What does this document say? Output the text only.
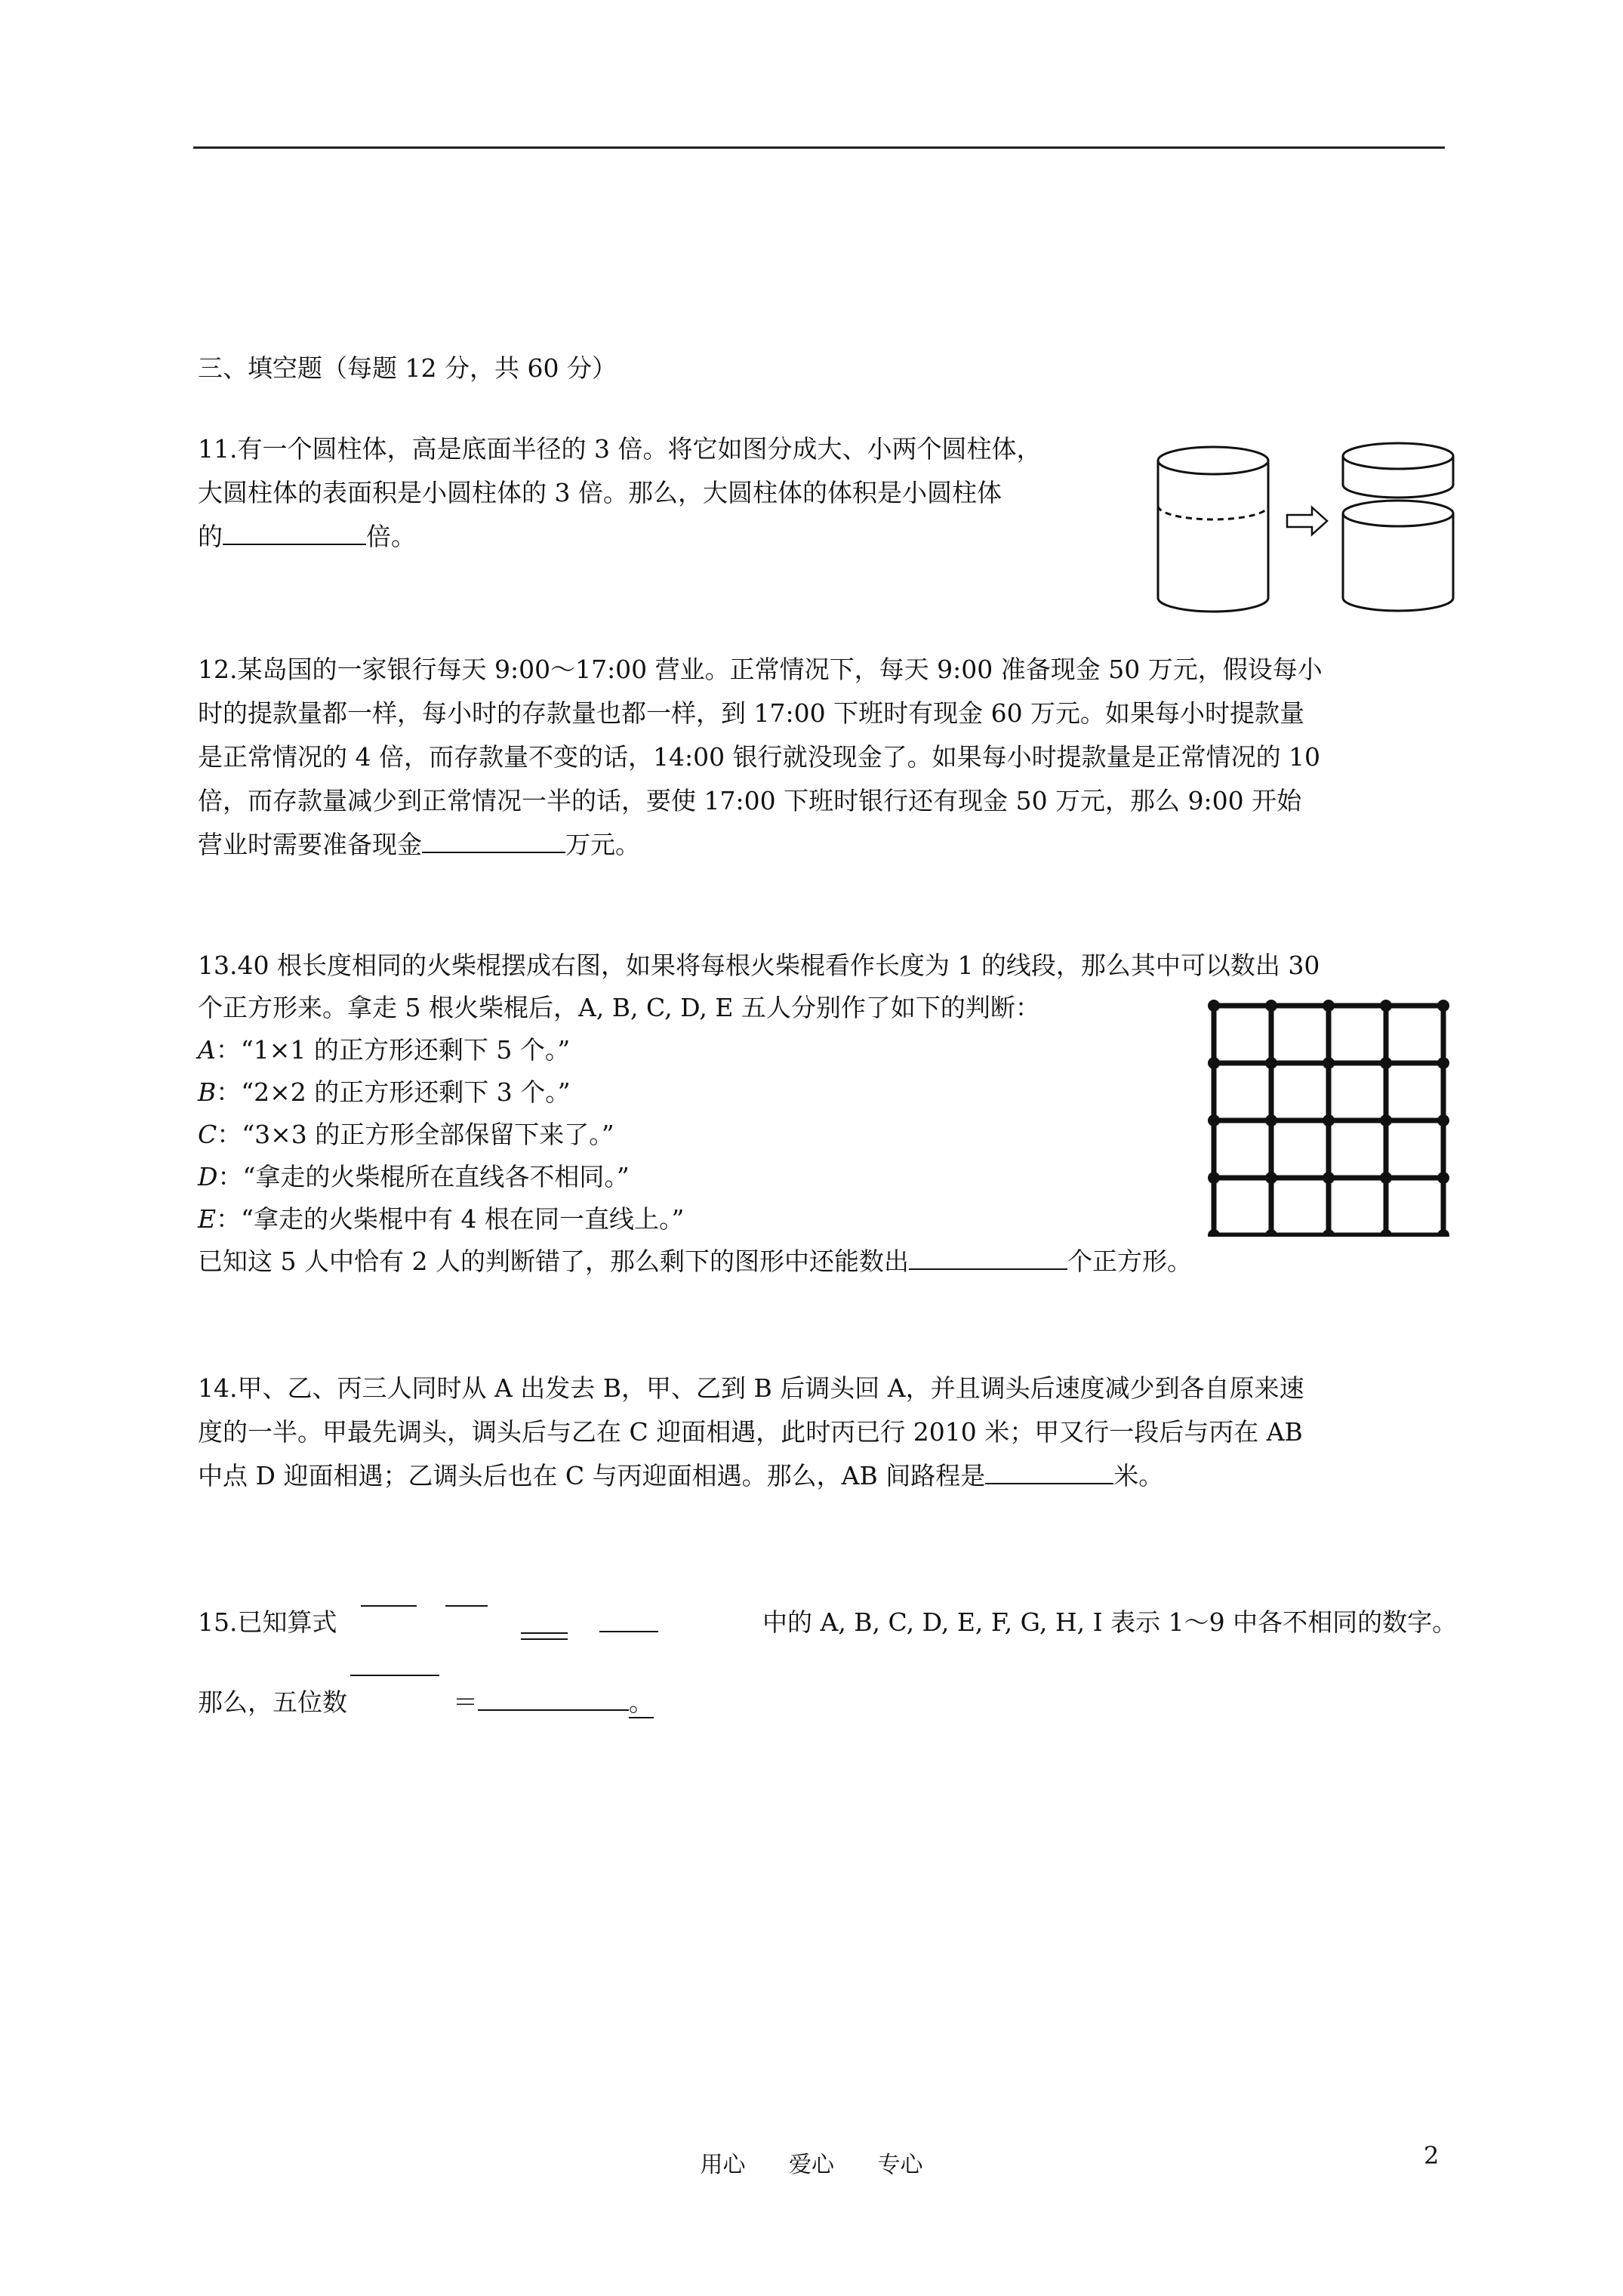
三、填空题（每题 12 分，共 60 分）
11.有一个圆柱体，高是底面半径的 3 倍。将它如图分成大、小两个圆柱体，
大圆柱体的表面积是小圆柱体的 3 倍。那么，大圆柱体的体积是小圆柱体
的	倍。
12.某岛国的一家银行每天 9:00～17:00 营业。正常情况下，每天 9:00 准备现金 50 万元，假设每小
时的提款量都一样，每小时的存款量也都一样，到 17:00 下班时有现金 60 万元。如果每小时提款量
是正常情况的 4 倍，而存款量不变的话，14:00 银行就没现金了。如果每小时提款量是正常情况的 10
倍，而存款量减少到正常情况一半的话，要使 17:00 下班时银行还有现金 50 万元，那么 9:00 开始
营业时需要准备现金	万元。
13.40 根长度相同的火柴棍摆成右图，如果将每根火柴棍看作长度为 1 的线段，那么其中可以数出 30
个正方形来。拿走 5 根火柴棍后，A, B, C, D, E 五人分别作了如下的判断：
A：“1×1 的正方形还剩下 5 个。”
B：“2×2 的正方形还剩下 3 个。”
C：“3×3 的正方形全部保留下来了。”
D：“拿走的火柴棍所在直线各不相同。”
E：“拿走的火柴棍中有 4 根在同一直线上。”
已知这 5 人中恰有 2 人的判断错了，那么剩下的图形中还能数出	个正方形。
14.甲、乙、丙三人同时从 A 出发去 B，甲、乙到 B 后调头回 A，并且调头后速度减少到各自原来速
度的一半。甲最先调头，调头后与乙在 C 迎面相遇，此时丙已行 2010 米；甲又行一段后与丙在 AB
中点 D 迎面相遇；乙调头后也在 C 与丙迎面相遇。那么，AB 间路程是	米。
15.已知算式	中的 A, B, C, D, E, F, G, H, I 表示 1～9 中各不相同的数字。
那么，五位数	＝	。
用心 爱心 专心	2
